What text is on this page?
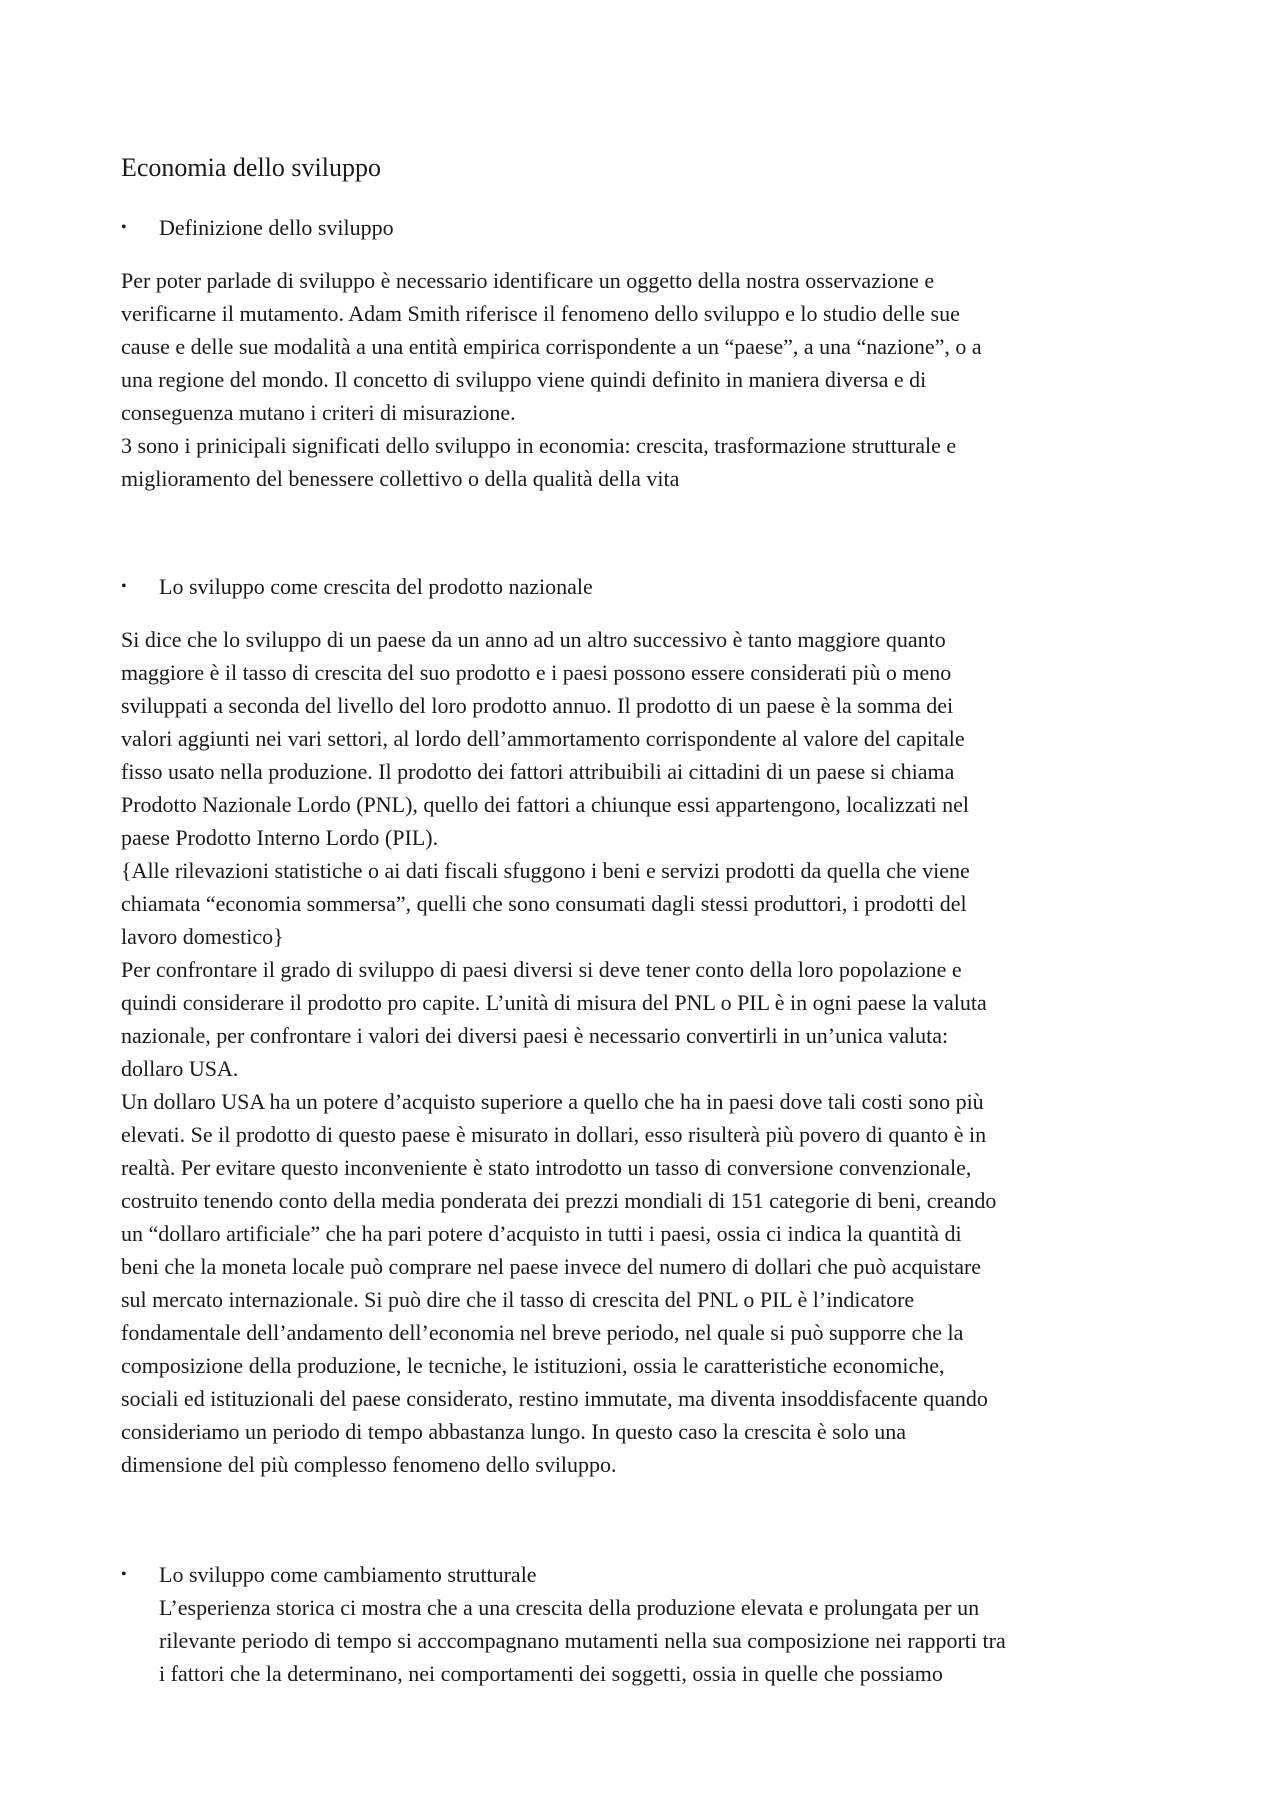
Economia dello sviluppo
•	Definizione dello sviluppo
Per poter parlade di sviluppo è necessario identificare un oggetto della nostra osservazione e
verificarne il mutamento. Adam Smith riferisce il fenomeno dello sviluppo e lo studio delle sue
cause e delle sue modalità a una entità empirica corrispondente a un “paese”, a una “nazione”, o a
una regione del mondo. Il concetto di sviluppo viene quindi definito in maniera diversa e di
conseguenza mutano i criteri di misurazione.
3 sono i prinicipali significati dello sviluppo in economia: crescita, trasformazione strutturale e
miglioramento del benessere collettivo o della qualità della vita
•	Lo sviluppo come crescita del prodotto nazionale
Si dice che lo sviluppo di un paese da un anno ad un altro successivo è tanto maggiore quanto
maggiore è il tasso di crescita del suo prodotto e i paesi possono essere considerati più o meno
sviluppati a seconda del livello del loro prodotto annuo. Il prodotto di un paese è la somma dei
valori aggiunti nei vari settori, al lordo dell’ammortamento corrispondente al valore del capitale
fisso usato nella produzione. Il prodotto dei fattori attribuibili ai cittadini di un paese si chiama
Prodotto Nazionale Lordo (PNL), quello dei fattori a chiunque essi appartengono, localizzati nel
paese Prodotto Interno Lordo (PIL).
{Alle rilevazioni statistiche o ai dati fiscali sfuggono i beni e servizi prodotti da quella che viene
chiamata “economia sommersa”, quelli che sono consumati dagli stessi produttori, i prodotti del
lavoro domestico}
Per confrontare il grado di sviluppo di paesi diversi si deve tener conto della loro popolazione e
quindi considerare il prodotto pro capite. L’unità di misura del PNL o PIL è in ogni paese la valuta
nazionale, per confrontare i valori dei diversi paesi è necessario convertirli in un’unica valuta:
dollaro USA.
Un dollaro USA ha un potere d’acquisto superiore a quello che ha in paesi dove tali costi sono più
elevati. Se il prodotto di questo paese è misurato in dollari, esso risulterà più povero di quanto è in
realtà. Per evitare questo inconveniente è stato introdotto un tasso di conversione convenzionale,
costruito tenendo conto della media ponderata dei prezzi mondiali di 151 categorie di beni, creando
un “dollaro artificiale” che ha pari potere d’acquisto in tutti i paesi, ossia ci indica la quantità di
beni che la moneta locale può comprare nel paese invece del numero di dollari che può acquistare
sul mercato internazionale. Si può dire che il tasso di crescita del PNL o PIL è l’indicatore
fondamentale dell’andamento dell’economia nel breve periodo, nel quale si può supporre che la
composizione della produzione, le tecniche, le istituzioni, ossia le caratteristiche economiche,
sociali ed istituzionali del paese considerato, restino immutate, ma diventa insoddisfacente quando
consideriamo un periodo di tempo abbastanza lungo. In questo caso la crescita è solo una
dimensione del più complesso fenomeno dello sviluppo.
•	Lo sviluppo come cambiamento strutturale
L’esperienza storica ci mostra che a una crescita della produzione elevata e prolungata per un
rilevante periodo di tempo si acccompagnano mutamenti nella sua composizione nei rapporti tra
i fattori che la determinano, nei comportamenti dei soggetti, ossia in quelle che possiamo
